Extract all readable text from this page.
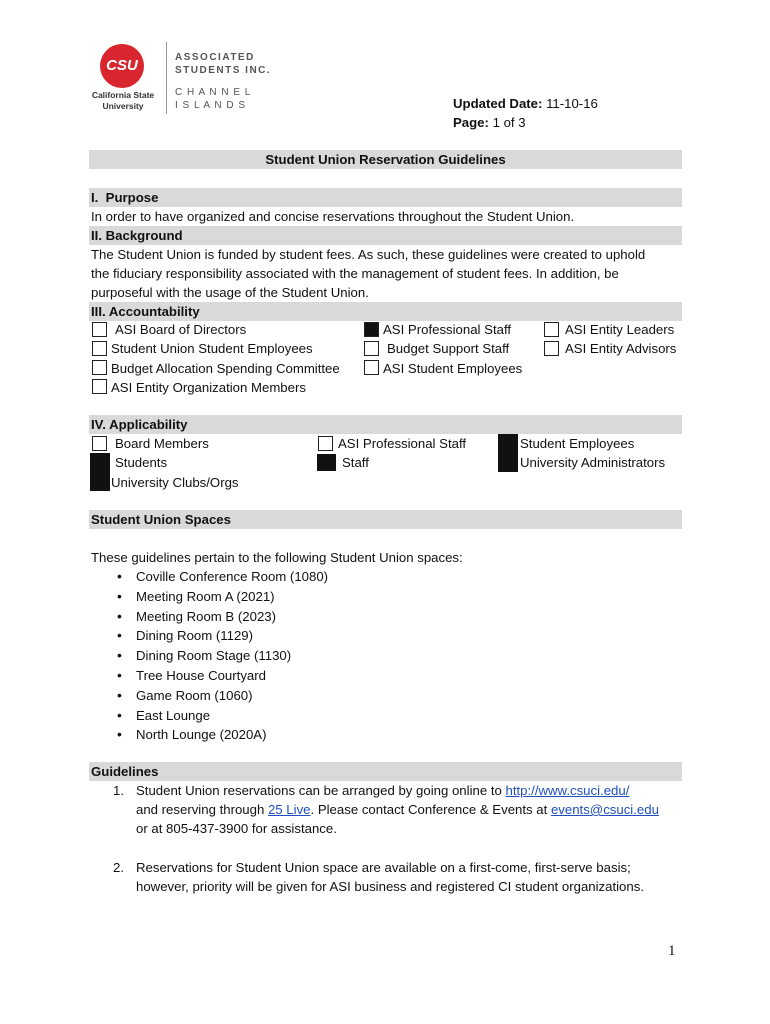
CSU
California State
University
ASSOCIATED
STUDENTS INC.
C H A N N E L
I S L A N D S	Updated Date: 11-10-16
Page: 1 of 3
Student Union Reservation Guidelines
I.  Purpose
In order to have organized and concise reservations throughout the Student Union.
II. Background
The Student Union is funded by student fees. As such, these guidelines were created to uphold
the fiduciary responsibility associated with the management of student fees. In addition, be
purposeful with the usage of the Student Union.
III. Accountability
ASI Board of Directors
Student Union Student Employees
Budget Allocation Spending Committee
ASI Entity Organization Members
ASI Professional Staff
Budget Support Staff
ASI Student Employees
ASI Entity Leaders
ASI Entity Advisors
IV. Applicability
Board Members
Students
University Clubs/Orgs
ASI Professional Staff
Staff
Student Employees
University Administrators
Student Union Spaces
These guidelines pertain to the following Student Union spaces:
• Coville Conference Room (1080)
• Meeting Room A (2021)
• Meeting Room B (2023)
• Dining Room (1129)
• Dining Room Stage (1130)
• Tree House Courtyard
• Game Room (1060)
• East Lounge
• North Lounge (2020A)
Guidelines
1. Student Union reservations can be arranged by going online to http://www.csuci.edu/
and reserving through 25 Live. Please contact Conference & Events at events@csuci.edu
or at 805-437-3900 for assistance.
2. Reservations for Student Union space are available on a first-come, first-serve basis;
however, priority will be given for ASI business and registered CI student organizations.
1
